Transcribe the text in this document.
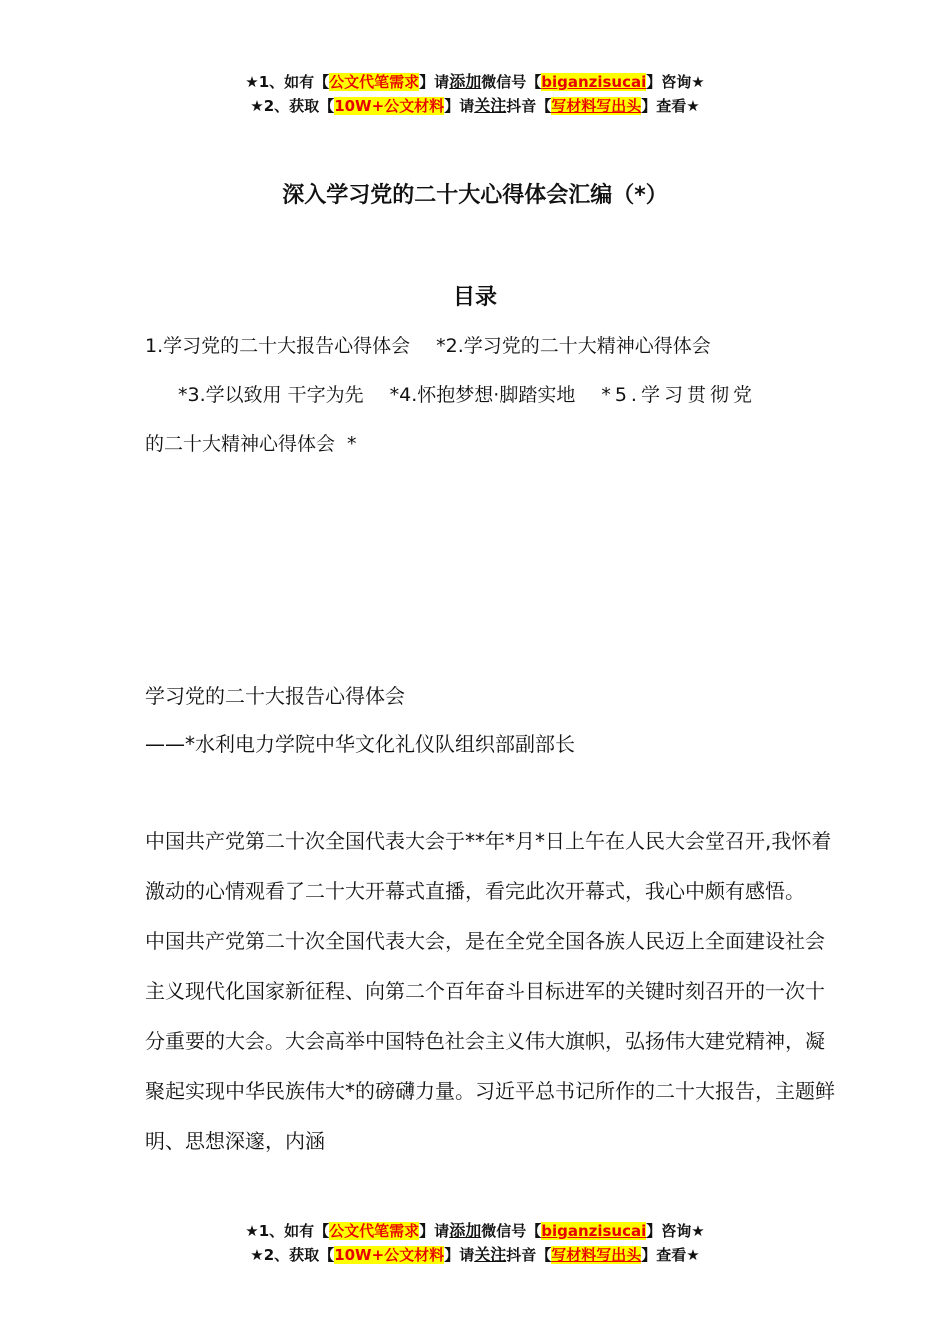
★1、如有【公文代笔需求】请添加微信号【biganzisucai】咨询★
★2、获取【10W+公文材料】请关注抖音【写材料写出头】查看★
深入学习党的二十大心得体会汇编（*）
目录
1.学习党的二十大报告心得体会 *2.学习党的二十大精神心得体会
*3.学以致用 干字为先 *4.怀抱梦想·脚踏实地 *5.学习贯彻党
的二十大精神心得体会 *
学习党的二十大报告心得体会
——*水利电力学院中华文化礼仪队组织部副部长

中国共产党第二十次全国代表大会于**年*月*日上午在人民大会堂召开,我怀着激动的心情观看了二十大开幕式直播，看完此次开幕式，我心中颇有感悟。

中国共产党第二十次全国代表大会，是在全党全国各族人民迈上全面建设社会主义现代化国家新征程、向第二个百年奋斗目标进军的关键时刻召开的一次十分重要的大会。大会高举中国特色社会主义伟大旗帜，弘扬伟大建党精神，凝聚起实现中华民族伟大*的磅礴力量。习近平总书记所作的二十大报告，主题鲜明、思想深邃，内涵

★1、如有【公文代笔需求】请添加微信号【biganzisucai】咨询★
★2、获取【10W+公文材料】请关注抖音【写材料写出头】查看★
